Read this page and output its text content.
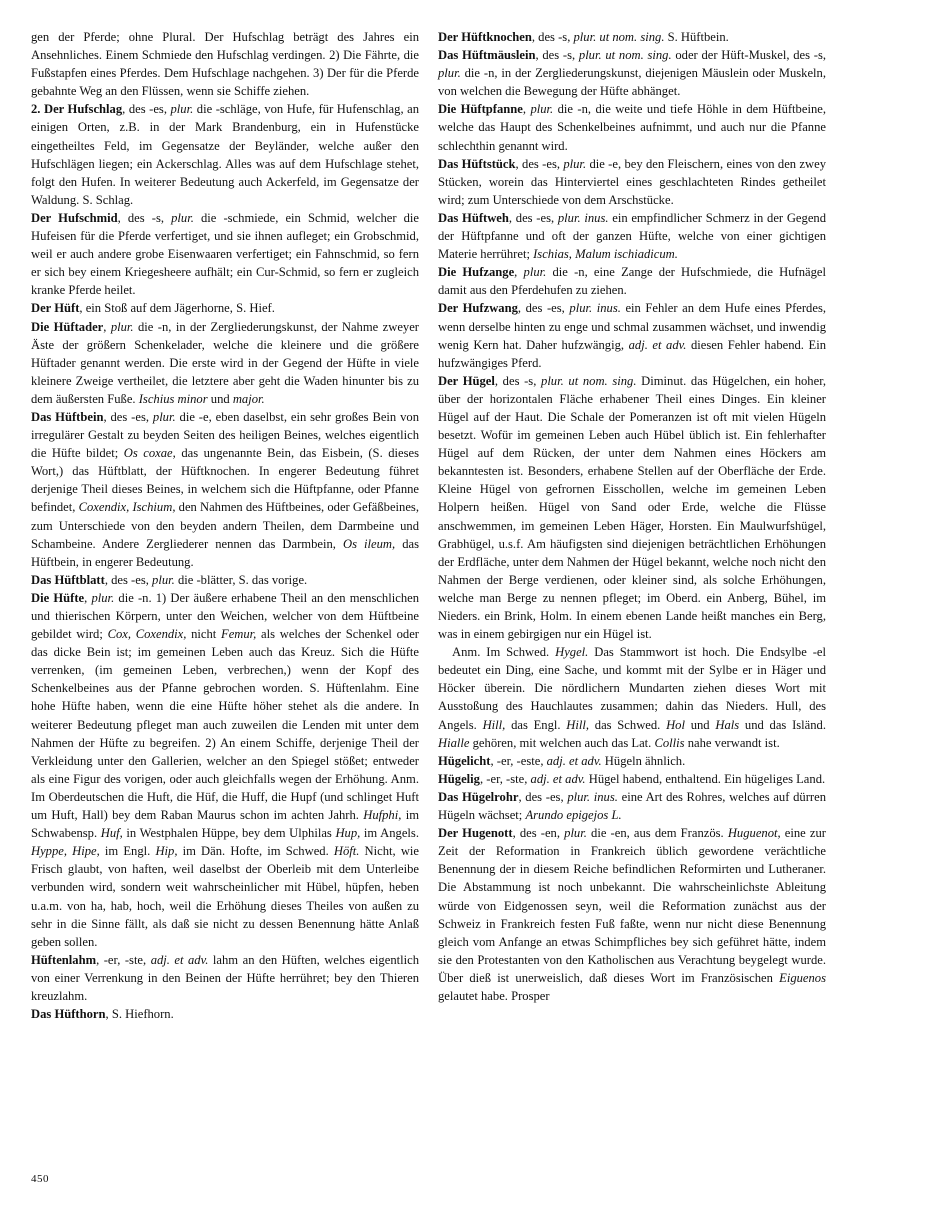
gen der Pferde; ohne Plural. Der Hufschlag beträgt des Jahres ein Ansehnliches. Einem Schmiede den Hufschlag verdingen. 2) Die Fährte, die Fußstapfen eines Pferdes. Dem Hufschlage nachgehen. 3) Der für die Pferde gebahnte Weg an den Flüssen, wenn sie Schiffe ziehen.

2. Der Hufschlag, des -es, plur. die -schläge, von Hufe, für Hufenschlag, an einigen Orten, z.B. in der Mark Brandenburg, ein in Hufenstücke eingetheiltes Feld, im Gegensatze der Beyländer, welche außer den Hufschlägen liegen; ein Ackerschlag. Alles was auf dem Hufschlage stehet, folgt den Hufen. In weiterer Bedeutung auch Ackerfeld, im Gegensatze der Waldung. S. Schlag.

Der Hufschmid, des -s, plur. die -schmiede, ein Schmid, welcher die Hufeisen für die Pferde verfertiget, und sie ihnen aufleget; ein Grobschmid, weil er auch andere grobe Eisenwaaren verfertiget; ein Fahnschmid, so fern er sich bey einem Kriegesheere aufhält; ein Cur-Schmid, so fern er zugleich kranke Pferde heilet.

Der Hüft, ein Stoß auf dem Jägerhorne, S. Hief.

Die Hüftader, plur. die -n, in der Zergliederungskunst, der Nahme zweyer Äste der größern Schenkelader, welche die kleinere und die größere Hüftader genannt werden. Die erste wird in der Gegend der Hüfte in viele kleinere Zweige vertheilet, die letztere aber geht die Waden hinunter bis zu dem äußersten Fuße. Ischius minor und major.

Das Hüftbein, des -es, plur. die -e, eben daselbst, ein sehr großes Bein von irregulärer Gestalt zu beyden Seiten des heiligen Beines, welches eigentlich die Hüfte bildet; Os coxae, das ungenannte Bein, das Eisbein, (S. dieses Wort,) das Hüftblatt, der Hüftknochen. In engerer Bedeutung führet derjenige Theil dieses Beines, in welchem sich die Hüftpfanne, oder Pfanne befindet, Coxendix, Ischium, den Nahmen des Hüftbeines, oder Gefäßbeines, zum Unterschiede von den beyden andern Theilen, dem Darmbeine und Schambeine. Andere Zergliederer nennen das Darmbein, Os ileum, das Hüftbein, in engerer Bedeutung.

Das Hüftblatt, des -es, plur. die -blätter, S. das vorige.

Die Hüfte, plur. die -n. 1) Der äußere erhabene Theil an den menschlichen und thierischen Körpern, unter den Weichen, welcher von dem Hüftbeine gebildet wird; Cox, Coxendix, nicht Femur, als welches der Schenkel oder das dicke Bein ist; im gemeinen Leben auch das Kreuz. Sich die Hüfte verrenken, (im gemeinen Leben, verbrechen,) wenn der Kopf des Schenkelbeines aus der Pfanne gebrochen worden. S. Hüftenlahm. Eine hohe Hüfte haben, wenn die eine Hüfte höher stehet als die andere. In weiterer Bedeutung pfleget man auch zuweilen die Lenden mit unter dem Nahmen der Hüfte zu begreifen. 2) An einem Schiffe, derjenige Theil der Verkleidung unter den Gallerien, welcher an den Spiegel stößet; entweder als eine Figur des vorigen, oder auch gleichfalls wegen der Erhöhung. Anm. Im Oberdeutschen die Huft, die Hüf, die Huff, die Hupf (und schlinget Huft um Huft, Hall) bey dem Raban Maurus schon im achten Jahrh. Hufphi, im Schwabensp. Huf, in Westphalen Hüppe, bey dem Ulphilas Hup, im Angels. Hyppe, Hipe, im Engl. Hip, im Dän. Hofte, im Schwed. Höft. Nicht, wie Frisch glaubt, von haften, weil daselbst der Oberleib mit dem Unterleibe verbunden wird, sondern weit wahrscheinlicher mit Hübel, hüpfen, heben u.a.m. von ha, hab, hoch, weil die Erhöhung dieses Theiles von außen zu sehr in die Sinne fällt, als daß sie nicht zu dessen Benennung hätte Anlaß geben sollen.

Hüftenlahm, -er, -ste, adj. et adv. lahm an den Hüften, welches eigentlich von einer Verrenkung in den Beinen der Hüfte herrühret; bey den Thieren kreuzlahm.

Das Hüfthorn, S. Hiefhorn.

Der Hüftknochen, des -s, plur. ut nom. sing. S. Hüftbein.

Das Hüftmäuslein, des -s, plur. ut nom. sing. oder der Hüft-Muskel, des -s, plur. die -n, in der Zergliederungskunst, diejenigen Mäuslein oder Muskeln, von welchen die Bewegung der Hüfte abhänget.

Die Hüftpfanne, plur. die -n, die weite und tiefe Höhle in dem Hüftbeine, welche das Haupt des Schenkelbeines aufnimmt, und auch nur die Pfanne schlechthin genannt wird.

Das Hüftstück, des -es, plur. die -e, bey den Fleischern, eines von den zwey Stücken, worein das Hinterviertel eines geschlachteten Rindes getheilet wird; zum Unterschiede von dem Arschstücke.

Das Hüftweh, des -es, plur. inus. ein empfindlicher Schmerz in der Gegend der Hüftpfanne und oft der ganzen Hüfte, welche von einer gichtigen Materie herrühret; Ischias, Malum ischiadicum.

Die Hufzange, plur. die -n, eine Zange der Hufschmiede, die Hufnägel damit aus den Pferdehufen zu ziehen.

Der Hufzwang, des -es, plur. inus. ein Fehler an dem Hufe eines Pferdes, wenn derselbe hinten zu enge und schmal zusammen wächset, und inwendig wenig Kern hat. Daher hufzwängig, adj. et adv. diesen Fehler habend. Ein hufzwängiges Pferd.

Der Hügel, des -s, plur. ut nom. sing. Diminut. das Hügelchen, ein hoher, über der horizontalen Fläche erhabener Theil eines Dinges. Ein kleiner Hügel auf der Haut. Die Schale der Pomeranzen ist oft mit vielen Hügeln besetzt. Wofür im gemeinen Leben auch Hübel üblich ist. Ein fehlerhafter Hügel auf dem Rücken, der unter dem Nahmen eines Höckers am bekanntesten ist. Besonders, erhabene Stellen auf der Oberfläche der Erde. Kleine Hügel von gefrornen Eisschollen, welche im gemeinen Leben Holpern heißen. Hügel von Sand oder Erde, welche die Flüsse anschwemmen, im gemeinen Leben Häger, Horsten. Ein Maulwurfshügel, Grabhügel, u.s.f. Am häufigsten sind diejenigen beträchtlichen Erhöhungen der Erdfläche, unter dem Nahmen der Hügel bekannt, welche noch nicht den Nahmen der Berge verdienen, oder kleiner sind, als solche Erhöhungen, welche man Berge zu nennen pfleget; im Oberd. ein Anberg, Bühel, im Nieders. ein Brink, Holm. In einem ebenen Lande heißt manches ein Berg, was in einem gebirgigen nur ein Hügel ist.

Anm. Im Schwed. Hygel. Das Stammwort ist hoch. Die Endsylbe -el bedeutet ein Ding, eine Sache, und kommt mit der Sylbe er in Häger und Höcker überein. Die nördlichern Mundarten ziehen dieses Wort mit Ausstoßung des Hauchlautes zusammen; dahin das Nieders. Hull, des Angels. Hill, das Engl. Hill, das Schwed. Hol und Hals und das Isländ. Hialle gehören, mit welchen auch das Lat. Collis nahe verwandt ist.

Hügelicht, -er, -este, adj. et adv. Hügeln ähnlich.

Hügelig, -er, -ste, adj. et adv. Hügel habend, enthaltend. Ein hügeliges Land.

Das Hügelrohr, des -es, plur. inus. eine Art des Rohres, welches auf dürren Hügeln wächset; Arundo epigejos L.

Der Hugenott, des -en, plur. die -en, aus dem Französ. Huguenot, eine zur Zeit der Reformation in Frankreich üblich gewordene verächtliche Benennung der in diesem Reiche befindlichen Reformirten und Lutheraner. Die Abstammung ist noch unbekannt. Die wahrscheinlichste Ableitung würde von Eidgenossen seyn, weil die Reformation zunächst aus der Schweiz in Frankreich festen Fuß faßte, wenn nur nicht diese Benennung gleich vom Anfange an etwas Schimpfliches bey sich geführet hätte, indem sie den Protestanten von den Katholischen aus Verachtung beygelegt wurde. Über dieß ist unerweislich, daß dieses Wort im Französischen Eiguenos gelautet habe. Prosper

450
